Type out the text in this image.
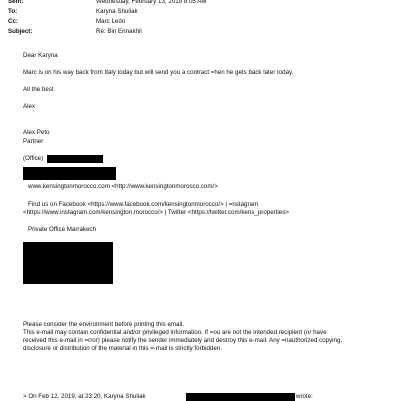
Sent:	Wednesday, February 13, 2019 8:05 AM
To:	Karyna Shuliak
Cc:	Marc León
Subject:	Re: Bin Ennakhil
Dear Karyna
Marc is on his way back from Italy today but will send you a contract =hen he gets back later today.
All the best
Alex
Alex Peto
Partner
(Office)
www.kensingtonmorocco.com <http://www.kensingtonmorocco.com/>
Find us on Facebook <https://www.facebook.com/kensingtonmorocco/> | =nstagram
<https://www.instagram.com/kensington.morocco/> | Twitter <https://twitter.com/kens_properties>
Private Office Marrakech
Please consider the environment before printing this email.
This e-mail may contain confidential and/or privileged information. If =ou are not the intended recipient (or have
received this e-mail in =rror) please notify the sender immediately and destroy this e-mail. Any =nauthorized copying,
disclosure or distribution of the material in this =-mail is strictly forbidden.
> On Feb 12, 2019, at 23:20, Karyna Shuliak	wrote:
